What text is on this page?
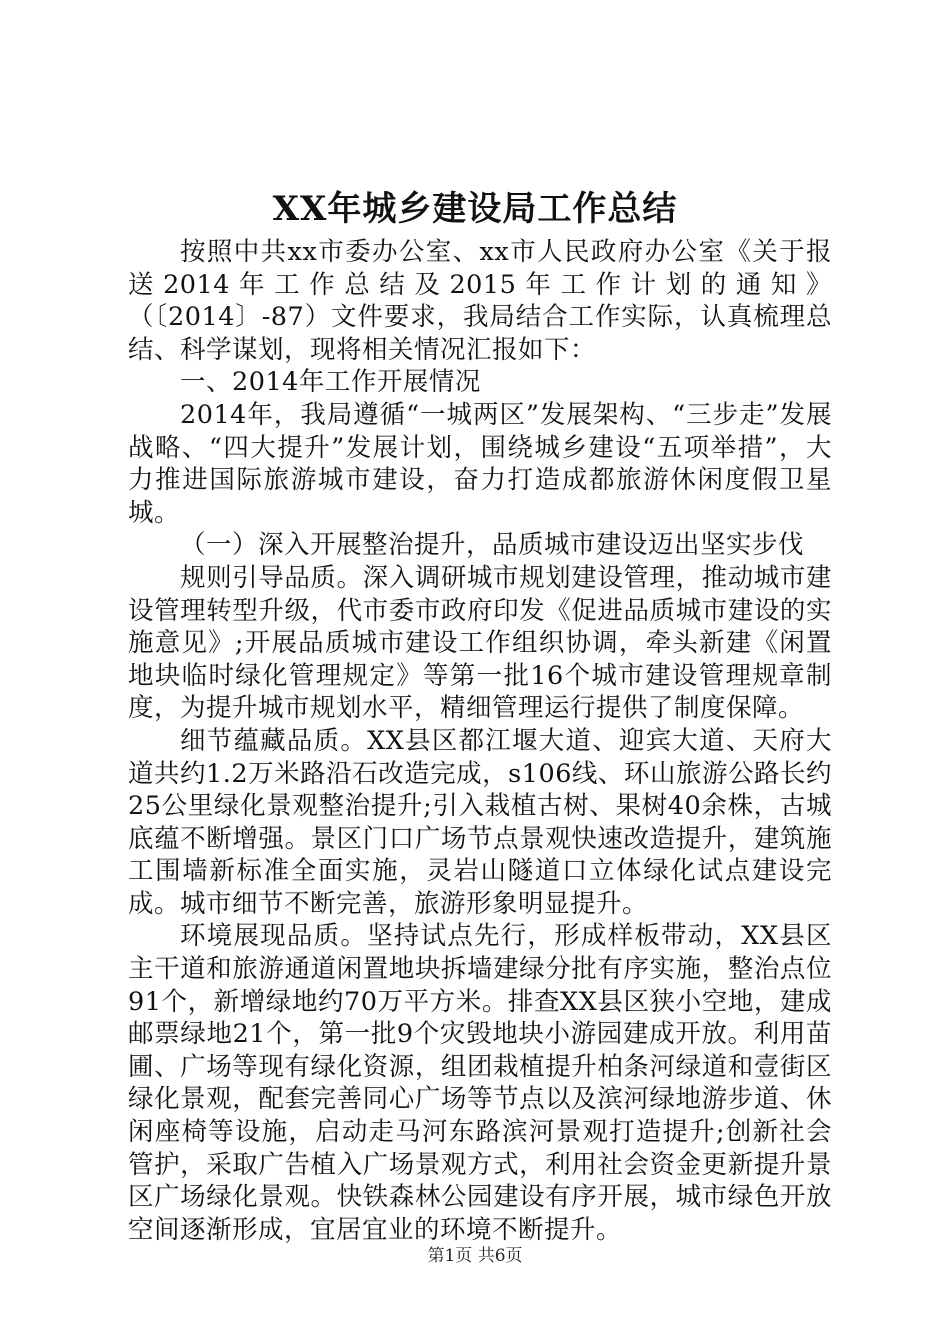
XX年城乡建设局工作总结

按照中共xx市委办公室、xx市人民政府办公室《关于报送2014年工作总结及2015年工作计划的通知》（〔2014〕-87）文件要求，我局结合工作实际，认真梳理总结、科学谋划，现将相关情况汇报如下：

一、2014年工作开展情况

2014年，我局遵循“一城两区”发展架构、“三步走”发展战略、“四大提升”发展计划，围绕城乡建设“五项举措”，大力推进国际旅游城市建设，奋力打造成都旅游休闲度假卫星城。

（一）深入开展整治提升，品质城市建设迈出坚实步伐

规则引导品质。深入调研城市规划建设管理，推动城市建设管理转型升级，代市委市政府印发《促进品质城市建设的实施意见》;开展品质城市建设工作组织协调，牵头新建《闲置地块临时绿化管理规定》等第一批16个城市建设管理规章制度，为提升城市规划水平，精细管理运行提供了制度保障。

细节蕴藏品质。XX县区都江堰大道、迎宾大道、天府大道共约1.2万米路沿石改造完成，s106线、环山旅游公路长约25公里绿化景观整治提升;引入栽植古树、果树40余株，古城底蕴不断增强。景区门口广场节点景观快速改造提升，建筑施工围墙新标准全面实施，灵岩山隧道口立体绿化试点建设完成。城市细节不断完善，旅游形象明显提升。

环境展现品质。坚持试点先行，形成样板带动，XX县区主干道和旅游通道闲置地块拆墙建绿分批有序实施，整治点位91个，新增绿地约70万平方米。排查XX县区狭小空地，建成邮票绿地21个，第一批9个灾毁地块小游园建成开放。利用苗圃、广场等现有绿化资源，组团栽植提升柏条河绿道和壹街区绿化景观，配套完善同心广场等节点以及滨河绿地游步道、休闲座椅等设施，启动走马河东路滨河景观打造提升;创新社会管护，采取广告植入广场景观方式，利用社会资金更新提升景区广场绿化景观。快铁森林公园建设有序开展，城市绿色开放空间逐渐形成，宜居宜业的环境不断提升。

第1页 共6页
